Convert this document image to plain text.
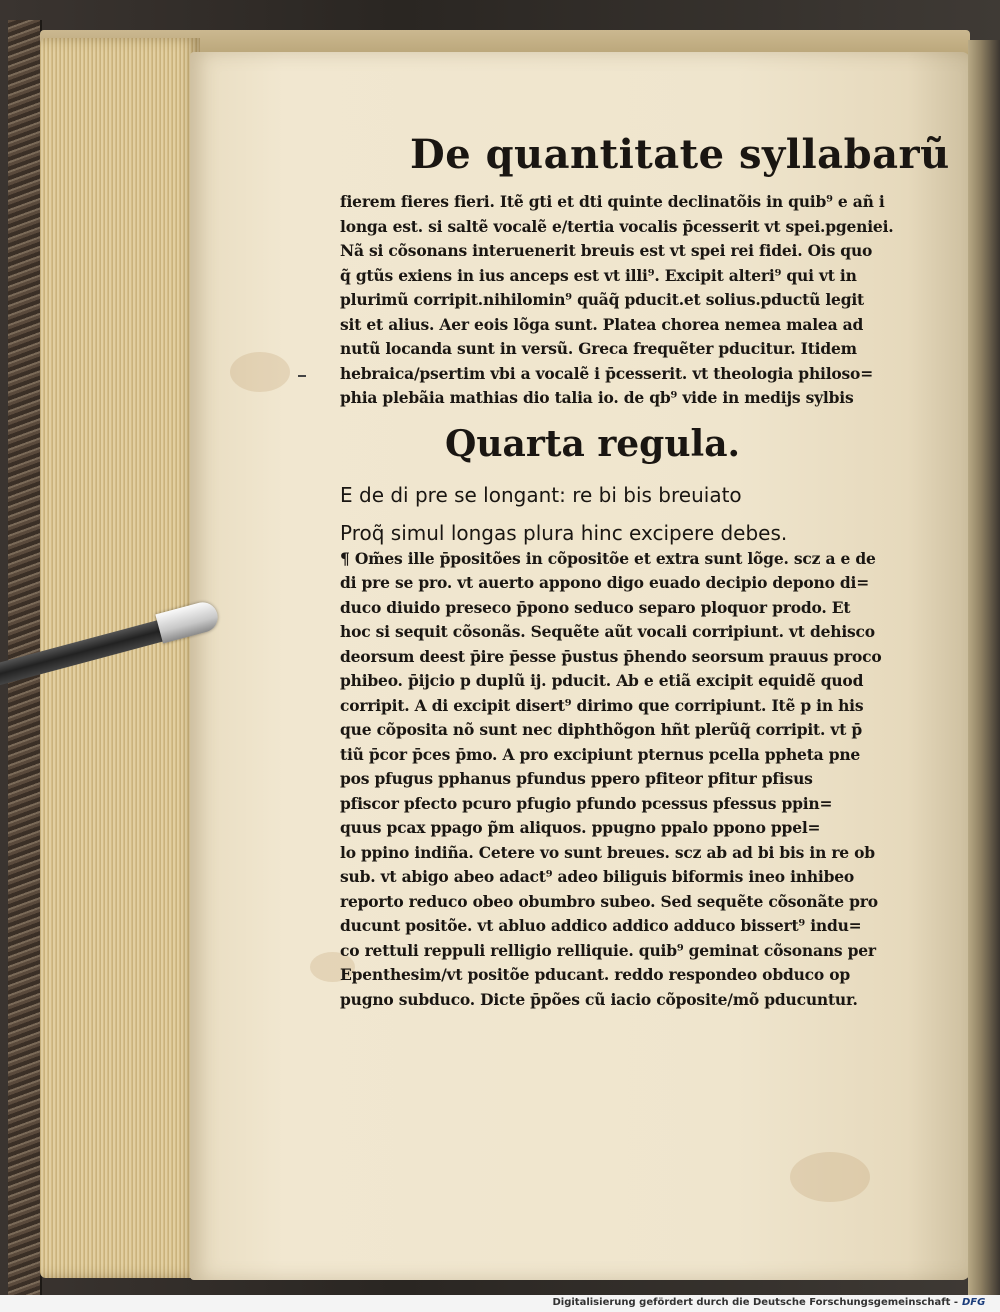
De quantitate syllabarũ
fierem fieres fieri. Itẽ gti et dti quinte declinatõis in quib⁹ e añ i
longa est. si saltẽ vocalẽ e/tertia vocalis p̄cesserit vt spei.pgeniei.
Nã si cõsonans interuenerit breuis est vt spei rei fidei. Ois quo
q̃ gtũs exiens in ius anceps est vt illi⁹. Excipit alteri⁹ qui vt in
plurimũ corripit.nihilomin⁹ quãq̃ pducit.et solius.pductũ legit
sit et alius. Aer eois lõga sunt. Platea chorea nemea malea ad
nutũ locanda sunt in versũ. Greca frequẽter pducitur. Itidem
hebraica/psertim vbi a vocalẽ i p̄cesserit. vt theologia philoso=
phia plebãia mathias dio talia io. de qb⁹ vide in medijs sylbis
Quarta regula.
E de di pre se longant: re bi bis breuiato
Proq̃ simul longas plura hinc excipere debes.
¶ Om̃es ille p̄positões in cõpositõe et extra sunt lõge. scz a e de
di pre se pro. vt auerto appono digo euado decipio depono di=
duco diuido preseco p̄pono seduco separo ploquor prodo. Et
hoc si sequit cõsonãs. Sequẽte aũt vocali corripiunt. vt dehisco
deorsum deest p̄ire p̄esse p̄ustus p̄hendo seorsum prauus proco
phibeo. p̄ijcio p duplũ ij. pducit. Ab e etiã excipit equidẽ quod
corripit. A di excipit disert⁹ dirimo que corripiunt. Itẽ p in his
que cõposita nõ sunt nec diphthõgon hñt plerũq̃ corripit. vt p̄
tiũ p̄cor p̄ces p̄mo. A pro excipiunt pternus pcella ppheta pne
pos pfugus pphanus pfundus ppero pfiteor pfitur pfisus
pfiscor pfecto pcuro pfugio pfundo pcessus pfessus ppin=
quus pcax ppago p̃m aliquos. ppugno ppalo ppono ppel=
lo ppino indiña. Cetere vo sunt breues. scz ab ad bi bis in re ob
sub. vt abigo abeo adact⁹ adeo biliguis biformis ineo inhibeo
reporto reduco obeo obumbro subeo. Sed sequẽte cõsonãte pro
ducunt positõe. vt abluo addico addico adduco bissert⁹ indu=
co rettuli reppuli relligio relliquie. quib⁹ geminat cõsonans per
Epenthesim/vt positõe pducant. reddo respondeo obduco op
pugno subduco. Dicte p̄pões cũ iacio cõposite/mõ pducuntur.
Digitalisierung gefördert durch die Deutsche Forschungsgemeinschaft - DFG
